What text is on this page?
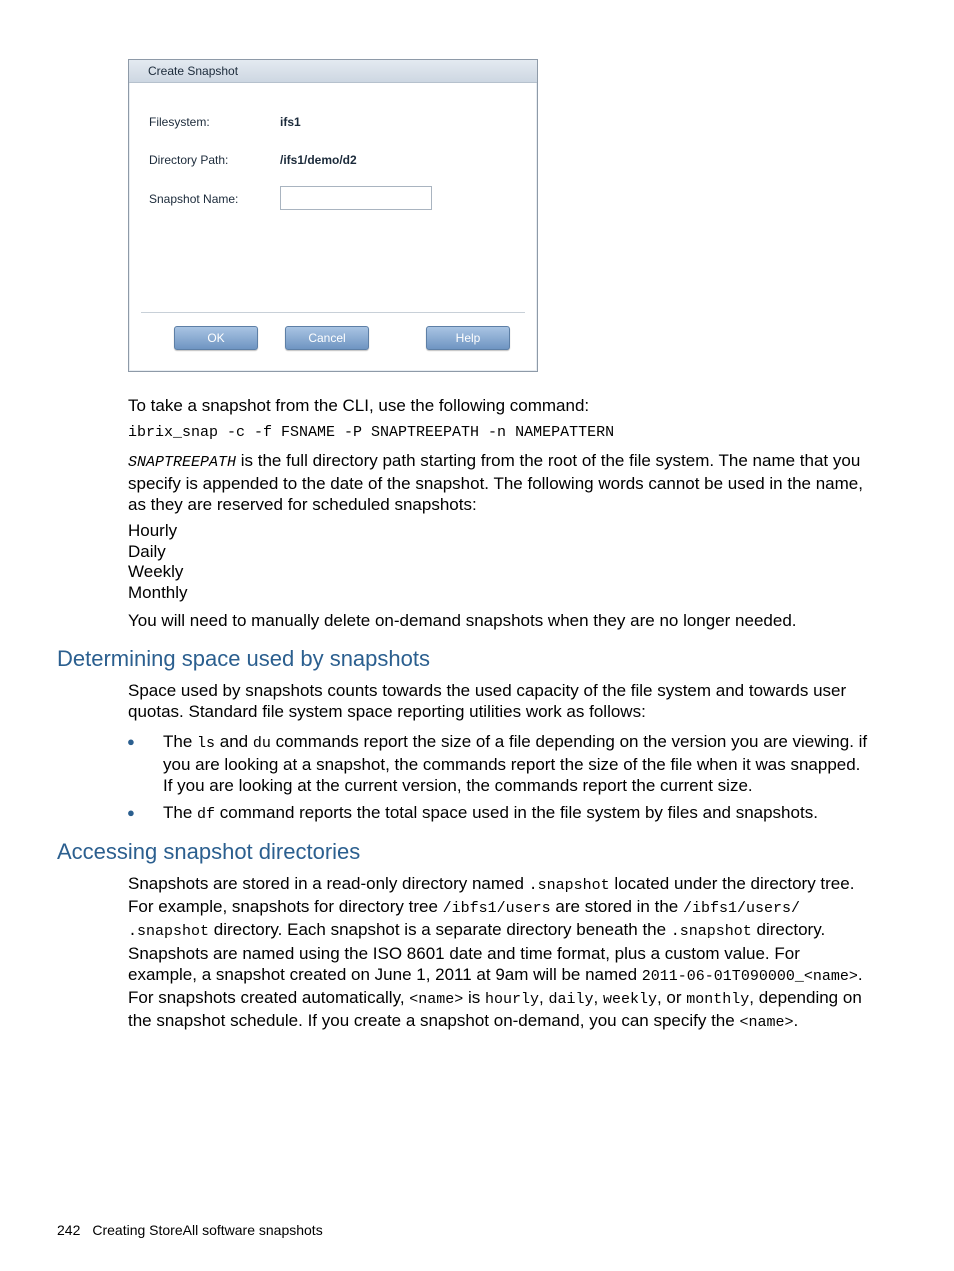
Create Snapshot
Filesystem:	ifs1
Directory Path:	/ifs1/demo/d2
Snapshot Name:
OK	Cancel	Help
To take a snapshot from the CLI, use the following command:
ibrix_snap -c -f FSNAME -P SNAPTREEPATH -n NAMEPATTERN
SNAPTREEPATH is the full directory path starting from the root of the file system. The name that you specify is appended to the date of the snapshot. The following words cannot be used in the name, as they are reserved for scheduled snapshots:
Hourly
Daily
Weekly
Monthly
You will need to manually delete on-demand snapshots when they are no longer needed.
Determining space used by snapshots
Space used by snapshots counts towards the used capacity of the file system and towards user quotas. Standard file system space reporting utilities work as follows:
● The ls and du commands report the size of a file depending on the version you are viewing. if you are looking at a snapshot, the commands report the size of the file when it was snapped. If you are looking at the current version, the commands report the current size.
● The df command reports the total space used in the file system by files and snapshots.
Accessing snapshot directories
Snapshots are stored in a read-only directory named .snapshot located under the directory tree. For example, snapshots for directory tree /ibfs1/users are stored in the /ibfs1/users/ .snapshot directory. Each snapshot is a separate directory beneath the .snapshot directory.
Snapshots are named using the ISO 8601 date and time format, plus a custom value. For example, a snapshot created on June 1, 2011 at 9am will be named 2011-06-01T090000_<name>. For snapshots created automatically, <name> is hourly, daily, weekly, or monthly, depending on the snapshot schedule. If you create a snapshot on-demand, you can specify the <name>.
242 Creating StoreAll software snapshots
